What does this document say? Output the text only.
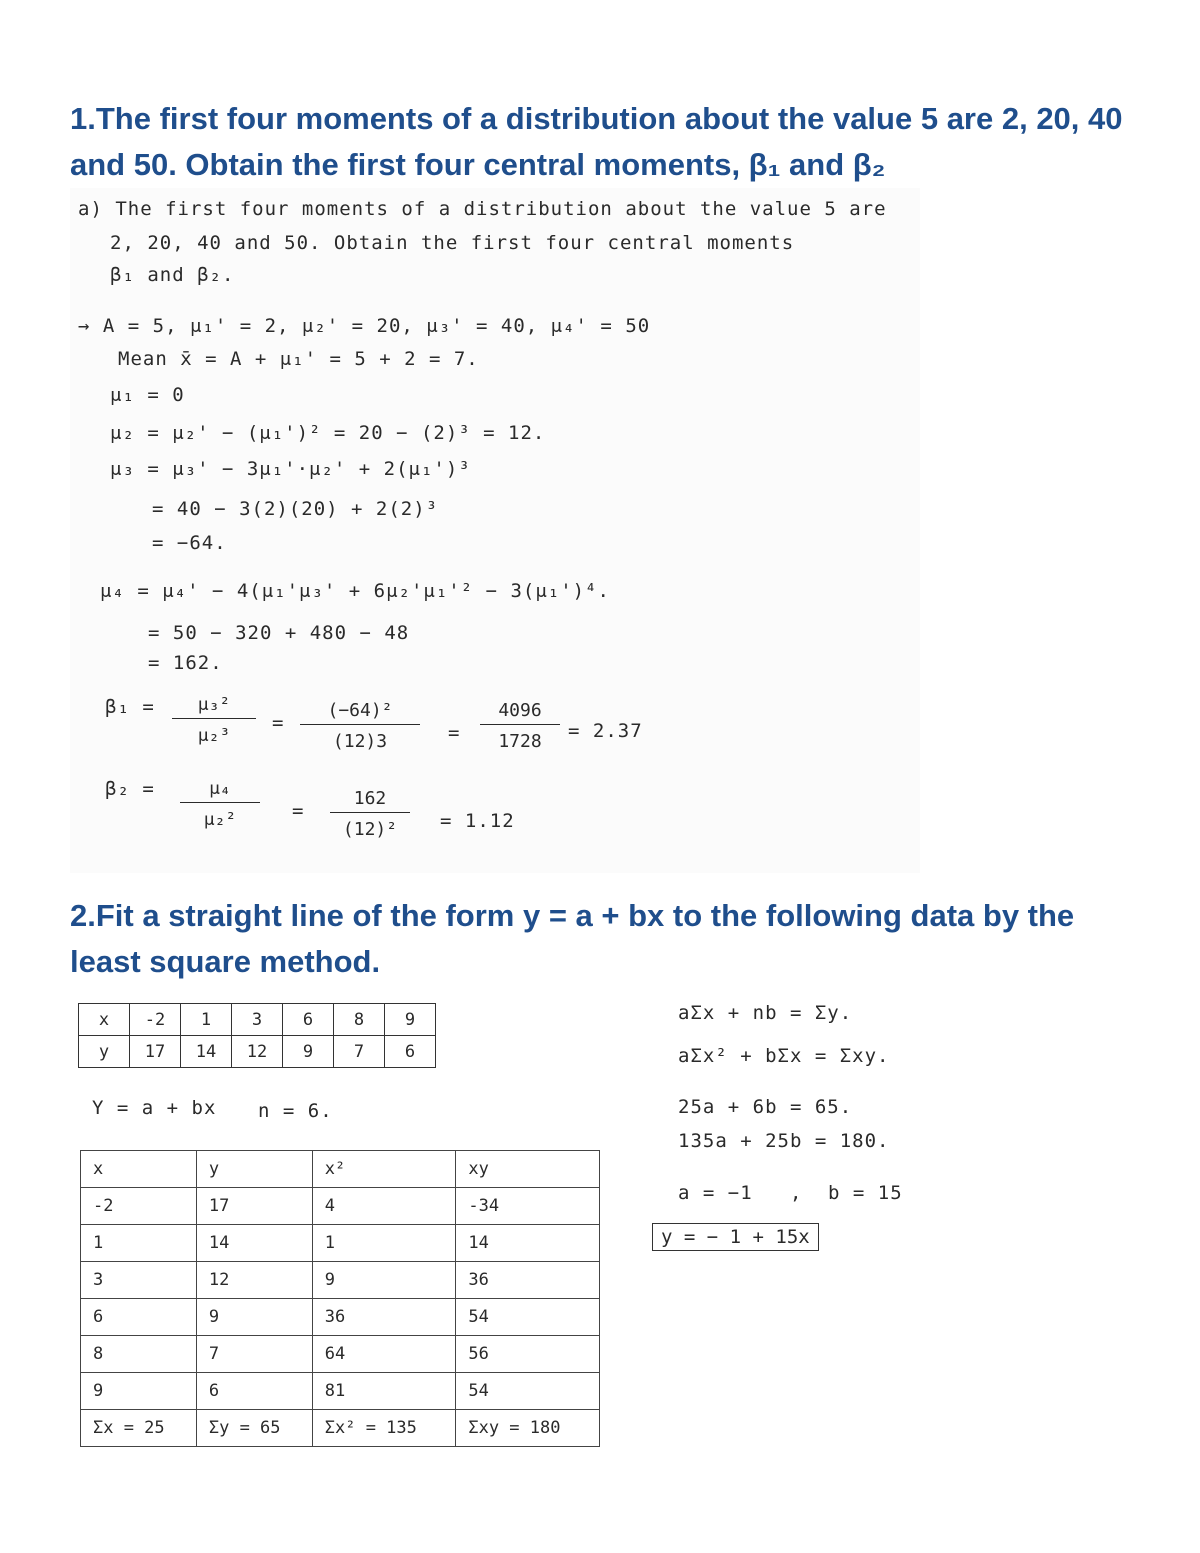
1.The first four moments of a distribution about the value 5 are 2, 20, 40
and 50. Obtain the first four central moments, β₁ and β₂
a) The first four moments of a distribution about the value 5 are
2, 20, 40 and 50. Obtain the first four central moments
β₁ and β₂.
→ A = 5, μ₁' = 2, μ₂' = 20, μ₃' = 40, μ₄' = 50
Mean x̄ = A + μ₁' = 5 + 2 = 7.
μ₁ = 0
μ₂ = μ₂' − (μ₁')² = 20 − (2)³ = 12.
μ₃ = μ₃' − 3μ₁'·μ₂' + 2(μ₁')³
= 40 − 3(2)(20) + 2(2)³
= −64.
μ₄ = μ₄' − 4(μ₁'μ₃' + 6μ₂'μ₁'² − 3(μ₁')⁴.
= 50 − 320 + 480 − 48
= 162.
$\beta_1 = \frac{\text{μ₃²}}{\text{μ₂³}} = \frac{\text{(−64)²}}{(12)3} = \frac{4096}{1728} = 2.37$
$\beta_2 = \frac{\text{μ₄}}{\text{μ₂²}} = \frac{162}{\text{(12)²}} = 1.12$
2.Fit a straight line of the form y = a + bx to the following data by the
least square method.
x	-2	1	3	6	8	9
y	17	14	12	9	7	6
Y = a + bx n = 6.
x	y	x²	xy
-2	17	4	-34
1	14	1	14
3	12	9	36
6	9	36	54
8	7	64	56
9	6	81	54
Σx = 25	Σy = 65	Σx² = 135	Σxy = 180
aΣx + nb = Σy.
aΣx² + bΣx = Σxy.
25a + 6b = 65.
135a + 25b = 180.
a = −1 , b = 15
y = − 1 + 15x
